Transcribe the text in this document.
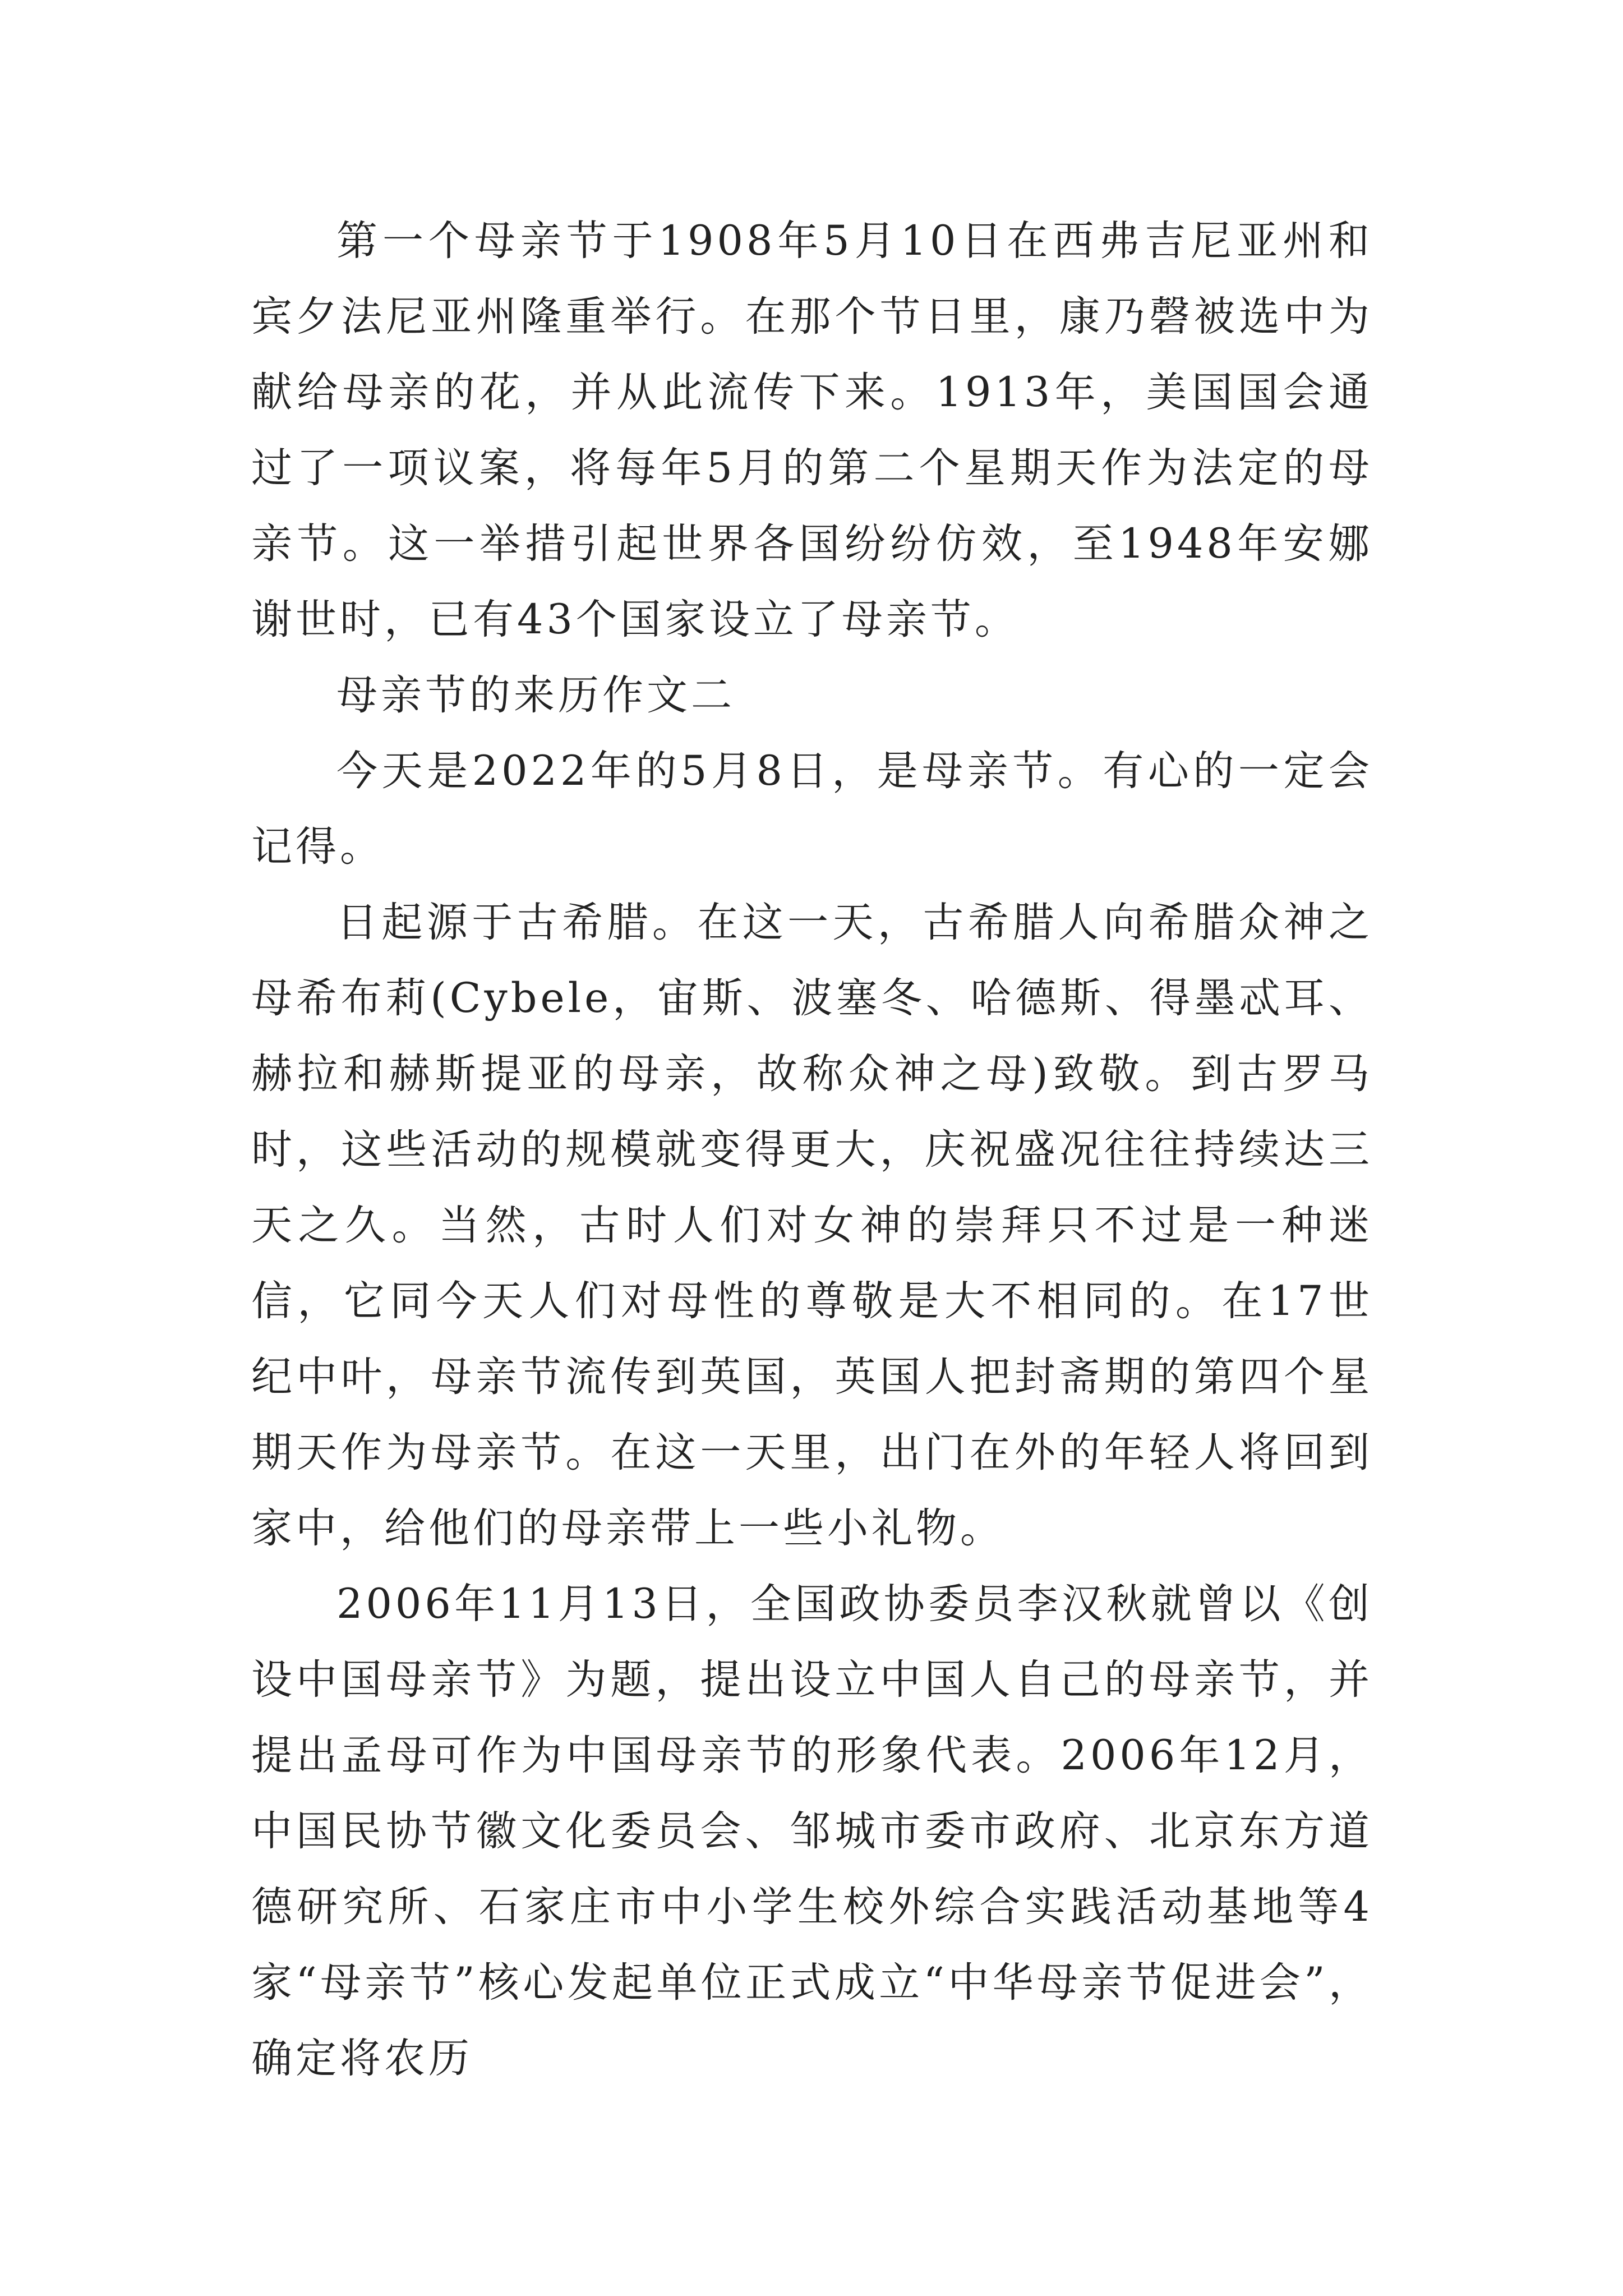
第一个母亲节于1908年5月10日在西弗吉尼亚州和宾夕法尼亚州隆重举行。在那个节日里，康乃磬被选中为献给母亲的花，并从此流传下来。1913年，美国国会通过了一项议案，将每年5月的第二个星期天作为法定的母亲节。这一举措引起世界各国纷纷仿效，至1948年安娜谢世时，已有43个国家设立了母亲节。

母亲节的来历作文二

今天是2022年的5月8日，是母亲节。有心的一定会记得。

日起源于古希腊。在这一天，古希腊人向希腊众神之母希布莉(Cybele，宙斯、波塞冬、哈德斯、得墨忒耳、赫拉和赫斯提亚的母亲，故称众神之母)致敬。到古罗马时，这些活动的规模就变得更大，庆祝盛况往往持续达三天之久。当然，古时人们对女神的崇拜只不过是一种迷信，它同今天人们对母性的尊敬是大不相同的。在17世纪中叶，母亲节流传到英国，英国人把封斋期的第四个星期天作为母亲节。在这一天里，出门在外的年轻人将回到家中，给他们的母亲带上一些小礼物。

2006年11月13日，全国政协委员李汉秋就曾以《创设中国母亲节》为题，提出设立中国人自己的母亲节，并提出孟母可作为中国母亲节的形象代表。2006年12月，中国民协节徽文化委员会、邹城市委市政府、北京东方道德研究所、石家庄市中小学生校外综合实践活动基地等4家“母亲节”核心发起单位正式成立“中华母亲节促进会”，确定将农历
